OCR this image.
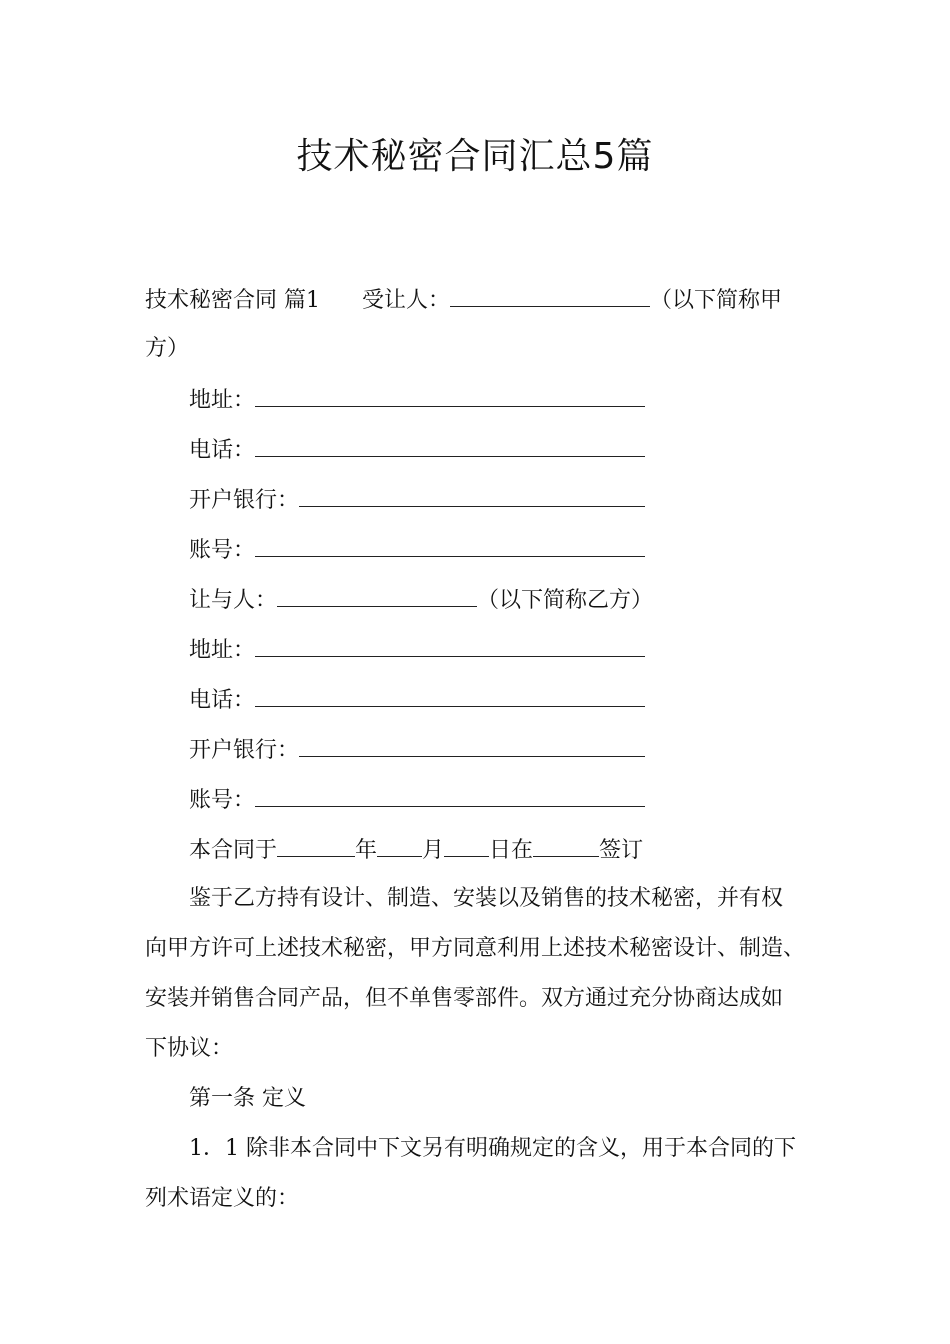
技术秘密合同汇总5篇
技术秘密合同 篇1 受让人：	（以下简称甲
方）
地址：
电话：
开户银行：
账号：
让与人：	（以下简称乙方）
地址：
电话：
开户银行：
账号：
本合同于	年 月 日在	签订
鉴于乙方持有设计、制造、安装以及销售的技术秘密，并有权
向甲方许可上述技术秘密，甲方同意利用上述技术秘密设计、制造、
安装并销售合同产品，但不单售零部件。双方通过充分协商达成如
下协议：
第一条 定义
1．1 除非本合同中下文另有明确规定的含义，用于本合同的下
列术语定义的：
